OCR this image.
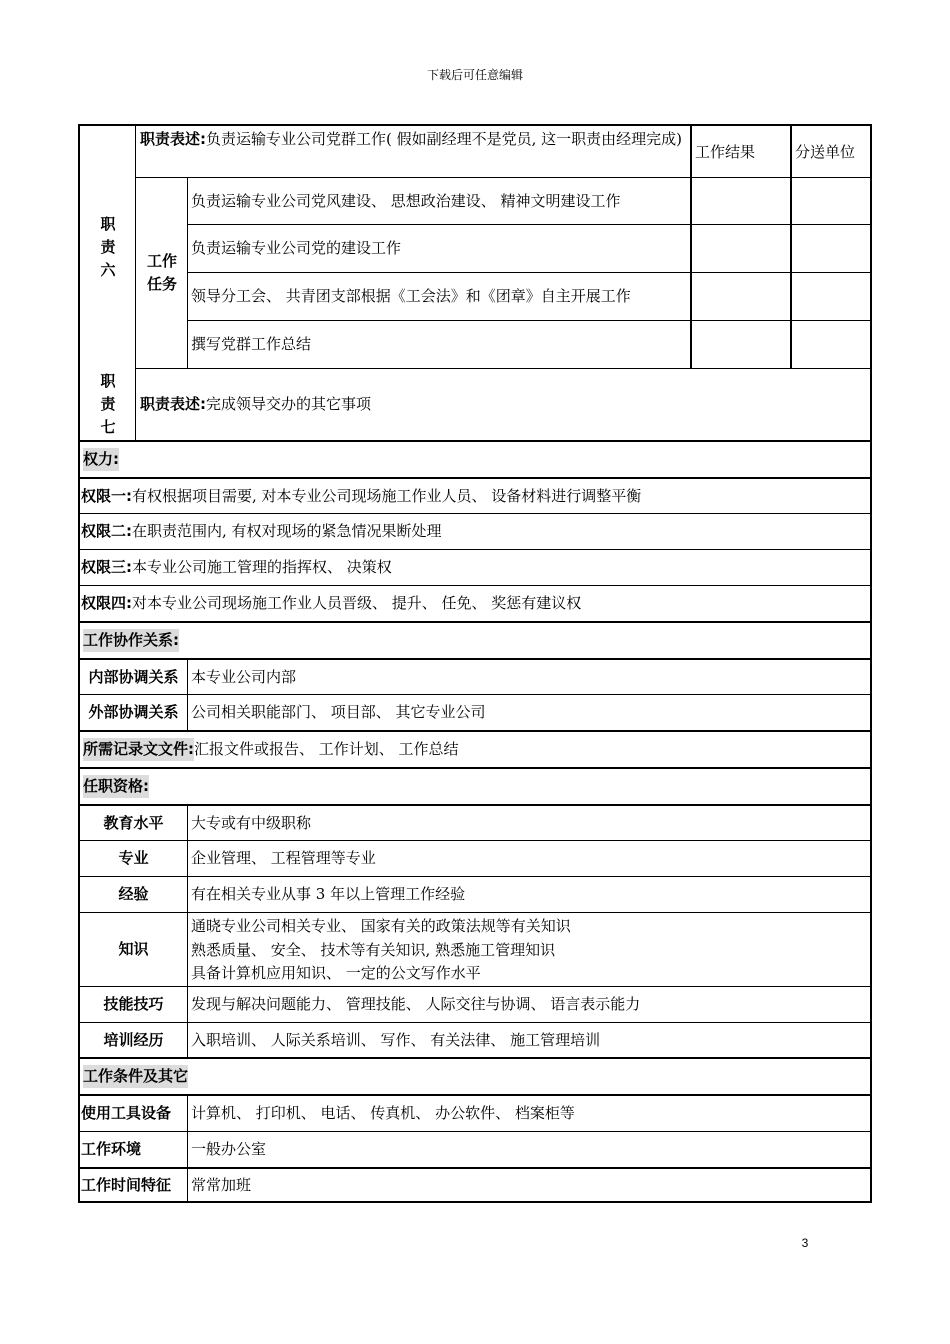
下载后可任意编辑
职
责
六
职责表述:负责运输专业公司党群工作( 假如副经理不是党员, 这一职责由经理完成)
工作结果	分送单位
工作
任务
负责运输专业公司党风建设、 思想政治建设、 精神文明建设工作
负责运输专业公司党的建设工作
领导分工会、 共青团支部根据《工会法》和《团章》自主开展工作
撰写党群工作总结
职
责
七
职责表述: 完成领导交办的其它事项
权力:
权限一: 有权根据项目需要, 对本专业公司现场施工作业人员、 设备材料进行调整平衡
权限二: 在职责范围内, 有权对现场的紧急情况果断处理
权限三: 本专业公司施工管理的指挥权、 决策权
权限四: 对本专业公司现场施工作业人员晋级、 提升、 任免、 奖惩有建议权
工作协作关系:
内部协调关系 本专业公司内部
外部协调关系 公司相关职能部门、 项目部、 其它专业公司
所需记录文文件: 汇报文件或报告、 工作计划、 工作总结
任职资格:
教育水平	大专或有中级职称
专业	企业管理、 工程管理等专业
经验	有在相关专业从事 3 年以上管理工作经验
知识
通晓专业公司相关专业、 国家有关的政策法规等有关知识
熟悉质量、 安全、 技术等有关知识, 熟悉施工管理知识
具备计算机应用知识、 一定的公文写作水平
技能技巧	发现与解决问题能力、 管理技能、 人际交往与协调、 语言表示能力
培训经历	入职培训、 人际关系培训、 写作、 有关法律、 施工管理培训
工作条件及其它
使用工具设备	计算机、 打印机、 电话、 传真机、 办公软件、 档案柜等
工作环境	一般办公室
工作时间特征	常常加班
3
